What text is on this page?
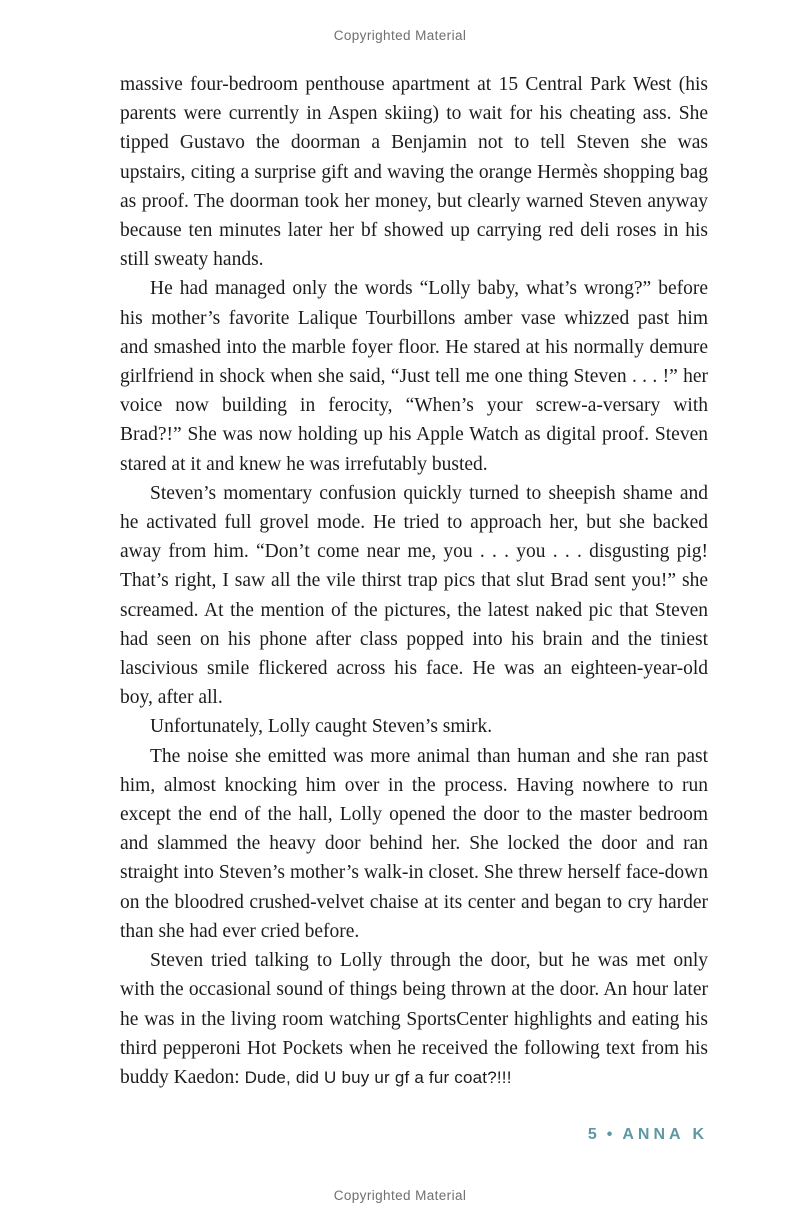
Copyrighted Material

massive four-bedroom penthouse apartment at 15 Central Park West (his parents were currently in Aspen skiing) to wait for his cheating ass. She tipped Gustavo the doorman a Benjamin not to tell Steven she was upstairs, citing a surprise gift and waving the orange Hermès shopping bag as proof. The doorman took her money, but clearly warned Steven anyway because ten minutes later her bf showed up carrying red deli roses in his still sweaty hands.

He had managed only the words “Lolly baby, what’s wrong?” before his mother’s favorite Lalique Tourbillons amber vase whizzed past him and smashed into the marble foyer floor. He stared at his normally demure girlfriend in shock when she said, “Just tell me one thing Steven . . . !” her voice now building in ferocity, “When’s your screw-a-versary with Brad?!” She was now holding up his Apple Watch as digital proof. Steven stared at it and knew he was irrefutably busted.

Steven’s momentary confusion quickly turned to sheepish shame and he activated full grovel mode. He tried to approach her, but she backed away from him. “Don’t come near me, you . . . you . . . disgusting pig! That’s right, I saw all the vile thirst trap pics that slut Brad sent you!” she screamed. At the mention of the pictures, the latest naked pic that Steven had seen on his phone after class popped into his brain and the tiniest lascivious smile flickered across his face. He was an eighteen-year-old boy, after all.

Unfortunately, Lolly caught Steven’s smirk.

The noise she emitted was more animal than human and she ran past him, almost knocking him over in the process. Having nowhere to run except the end of the hall, Lolly opened the door to the master bedroom and slammed the heavy door behind her. She locked the door and ran straight into Steven’s mother’s walk-in closet. She threw herself face-down on the bloodred crushed-velvet chaise at its center and began to cry harder than she had ever cried before.

Steven tried talking to Lolly through the door, but he was met only with the occasional sound of things being thrown at the door. An hour later he was in the living room watching SportsCenter highlights and eating his third pepperoni Hot Pockets when he received the following text from his buddy Kaedon: Dude, did U buy ur gf a fur coat?!!!

5 • ANNA K
Copyrighted Material
